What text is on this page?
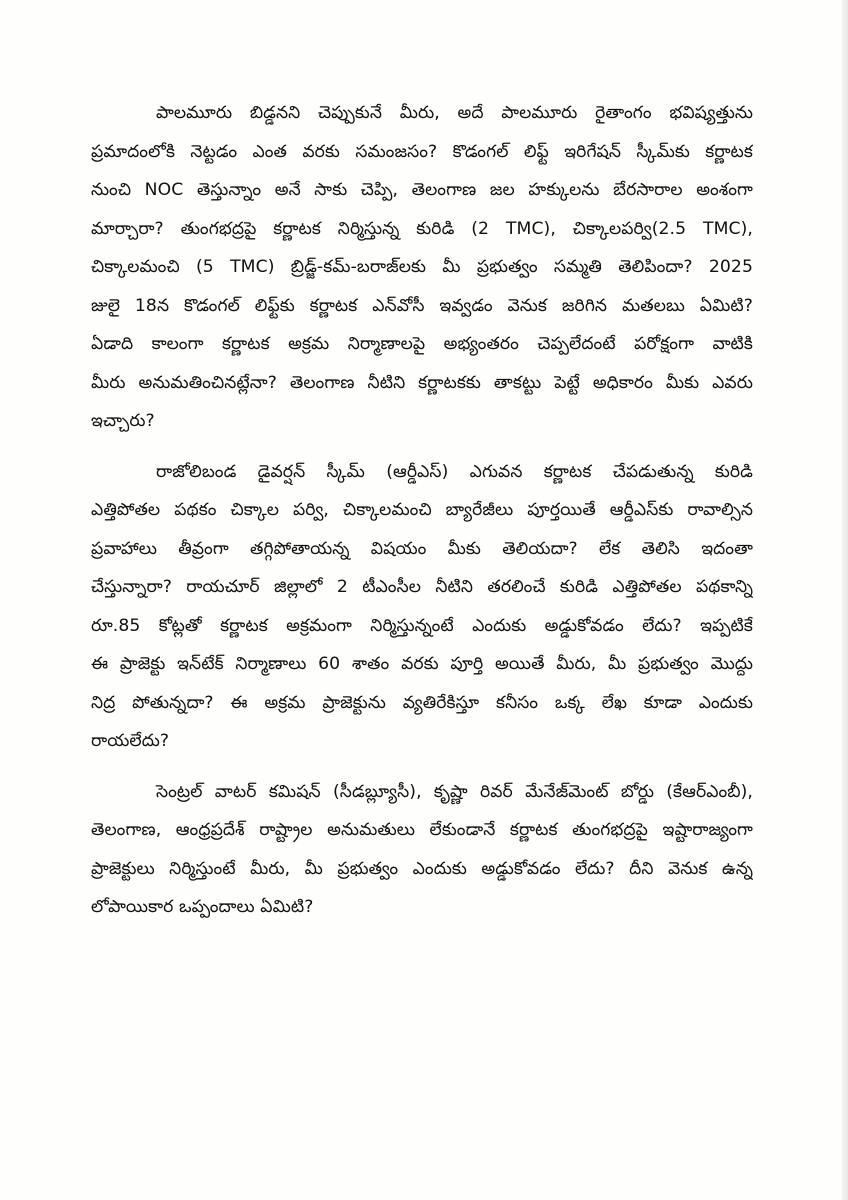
పాలమూరు బిడ్డనని చెప్పుకునే మీరు, అదే పాలమూరు రైతాంగం భవిష్యత్తును
ప్రమాదంలోకి నెట్టడం ఎంత వరకు సమంజసం? కొడంగల్ లిఫ్ట్ ఇరిగేషన్ స్కీమ్‌కు కర్ణాటక
నుంచి NOC తెస్తున్నాం అనే సాకు చెప్పి, తెలంగాణ జల హక్కులను బేరసారాల అంశంగా
మార్చారా? తుంగభద్రపై కర్ణాటక నిర్మిస్తున్న కురిడి (2 TMC), చిక్కాలపర్వి(2.5 TMC),
చిక్కాలమంచి (5 TMC) బ్రిడ్జ్-కమ్-బరాజ్‌లకు మీ ప్రభుత్వం సమ్మతి తెలిపిందా? 2025
జులై 18న కొడంగల్ లిఫ్ట్‌కు కర్ణాటక ఎన్‌వోసీ ఇవ్వడం వెనుక జరిగిన మతలబు ఏమిటి?
ఏడాది కాలంగా కర్ణాటక అక్రమ నిర్మాణాలపై అభ్యంతరం చెప్పలేదంటే పరోక్షంగా వాటికి
మీరు అనుమతించినట్లేనా? తెలంగాణ నీటిని కర్ణాటకకు తాకట్టు పెట్టే అధికారం మీకు ఎవరు
ఇచ్చారు?

రాజోలిబండ డైవర్షన్ స్కీమ్ (ఆర్డీఎస్) ఎగువన కర్ణాటక చేపడుతున్న కురిడి
ఎత్తిపోతల పథకం చిక్కాల పర్వి, చిక్కాలమంచి బ్యారేజీలు పూర్తయితే ఆర్డీఎస్‌కు రావాల్సిన
ప్రవాహాలు తీవ్రంగా తగ్గిపోతాయన్న విషయం మీకు తెలియదా? లేక తెలిసి ఇదంతా
చేస్తున్నారా? రాయచూర్ జిల్లాలో 2 టీఎంసీల నీటిని తరలించే కురిడి ఎత్తిపోతల పథకాన్ని
రూ.85 కోట్లతో కర్ణాటక అక్రమంగా నిర్మిస్తున్నంటే ఎందుకు అడ్డుకోవడం లేదు? ఇప్పటికే
ఈ ప్రాజెక్టు ఇన్‌టేక్ నిర్మాణాలు 60 శాతం వరకు పూర్తి అయితే మీరు, మీ ప్రభుత్వం మొద్దు
నిద్ర పోతున్నదా? ఈ అక్రమ ప్రాజెక్టును వ్యతిరేకిస్తూ కనీసం ఒక్క లేఖ కూడా ఎందుకు
రాయలేదు?

సెంట్రల్ వాటర్ కమిషన్ (సీడబ్ల్యూసీ), కృష్ణా రివర్ మేనేజ్‌మెంట్ బోర్డు (కేఆర్ఎంబీ),
తెలంగాణ, ఆంధ్రప్రదేశ్ రాష్ట్రాల అనుమతులు లేకుండానే కర్ణాటక తుంగభద్రపై ఇష్టారాజ్యంగా
ప్రాజెక్టులు నిర్మిస్తుంటే మీరు, మీ ప్రభుత్వం ఎందుకు అడ్డుకోవడం లేదు? దీని వెనుక ఉన్న
లోపాయికార ఒప్పందాలు ఏమిటి?
